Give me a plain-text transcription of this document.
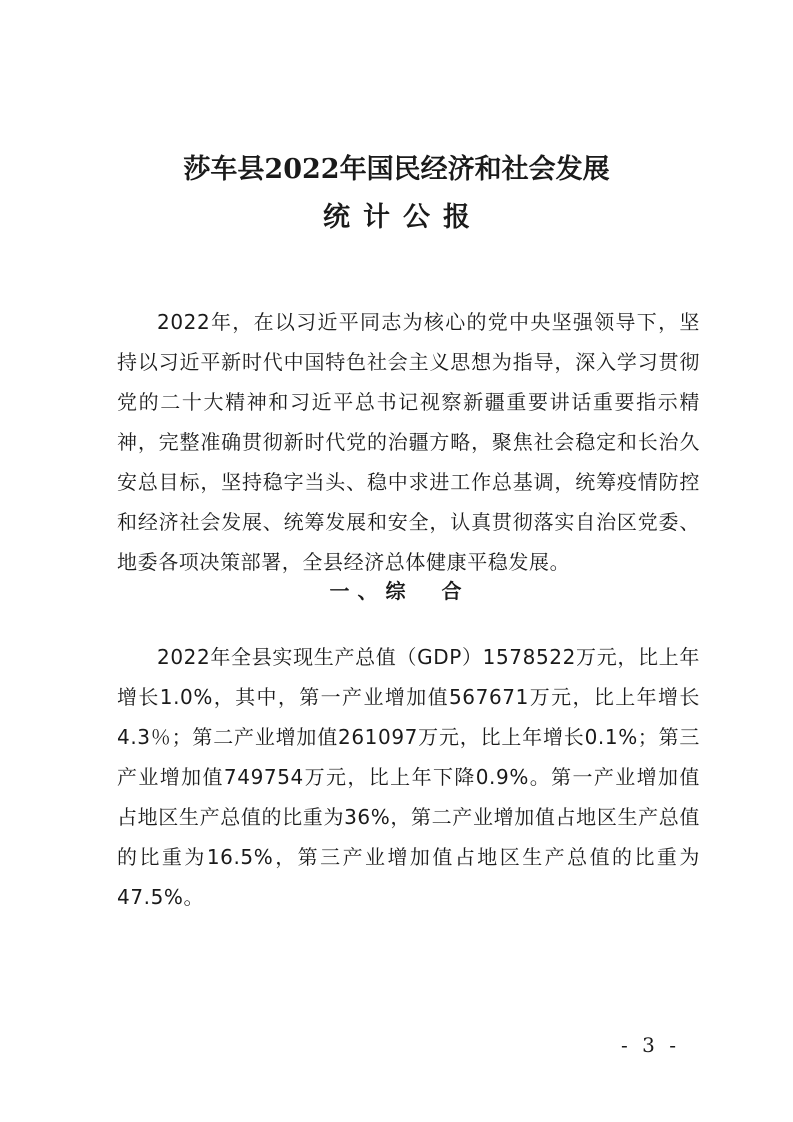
莎车县2022年国民经济和社会发展
统计公报

2022年，在以习近平同志为核心的党中央坚强领导下，坚持以习近平新时代中国特色社会主义思想为指导，深入学习贯彻党的二十大精神和习近平总书记视察新疆重要讲话重要指示精神，完整准确贯彻新时代党的治疆方略，聚焦社会稳定和长治久安总目标，坚持稳字当头、稳中求进工作总基调，统筹疫情防控和经济社会发展、统筹发展和安全，认真贯彻落实自治区党委、地委各项决策部署，全县经济总体健康平稳发展。

一、综　合

2022年全县实现生产总值（GDP）1578522万元，比上年增长1.0%，其中，第一产业增加值567671万元，比上年增长4.3％；第二产业增加值261097万元，比上年增长0.1%；第三产业增加值749754万元，比上年下降0.9%。第一产业增加值占地区生产总值的比重为36%，第二产业增加值占地区生产总值的比重为16.5%，第三产业增加值占地区生产总值的比重为47.5%。

- 3 -
